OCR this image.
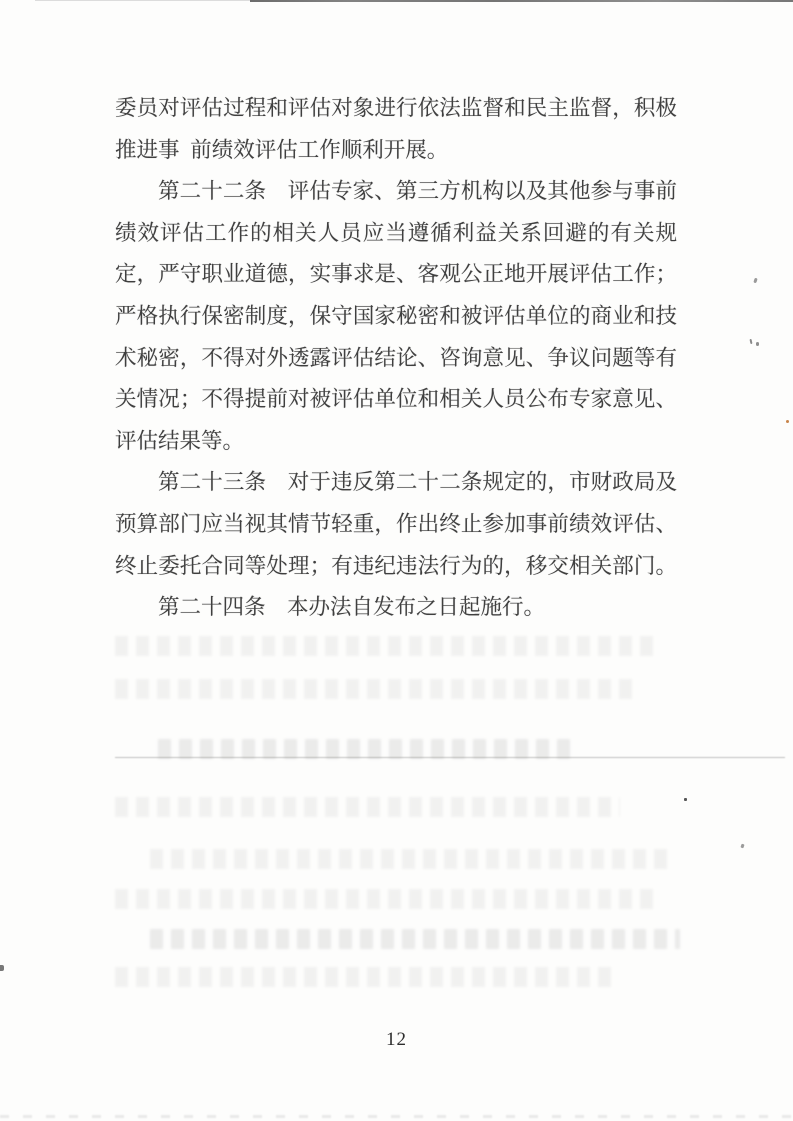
委员对评估过程和评估对象进行依法监督和民主监督，积极
推进事  前绩效评估工作顺利开展。
第二十二条　评估专家、第三方机构以及其他参与事前
绩效评估工作的相关人员应当遵循利益关系回避的有关规
定，严守职业道德，实事求是、客观公正地开展评估工作；
严格执行保密制度，保守国家秘密和被评估单位的商业和技
术秘密，不得对外透露评估结论、咨询意见、争议问题等有
关情况；不得提前对被评估单位和相关人员公布专家意见、
评估结果等。
第二十三条　对于违反第二十二条规定的，市财政局及
预算部门应当视其情节轻重，作出终止参加事前绩效评估、
终止委托合同等处理；有违纪违法行为的，移交相关部门。
第二十四条　本办法自发布之日起施行。
12
